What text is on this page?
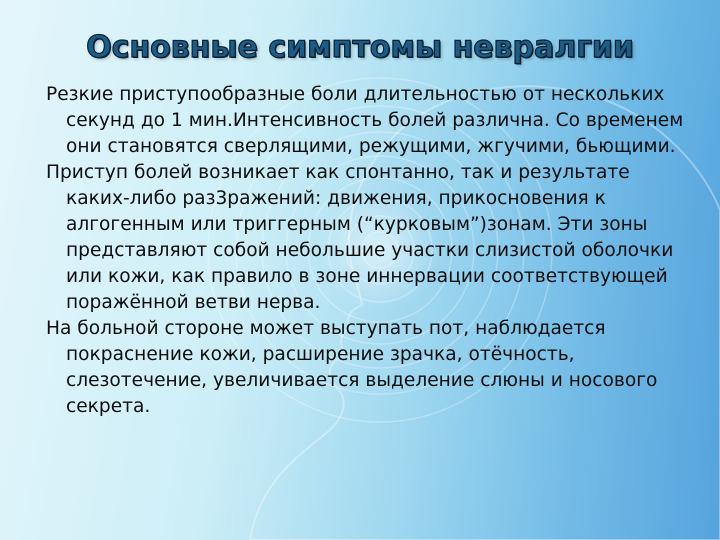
Основные симптомы невралгии

Резкие приступообразные боли длительностью от нескольких секунд до 1 мин.Интенсивность болей различна. Со временем они становятся сверлящими, режущими, жгучими, бьющими.

Приступ болей возникает как спонтанно, так и результате каких-либо раз3ражений: движения, прикосновения к алгогенным или триггерным (“курковым”)зонам. Эти зоны представляют собой небольшие участки слизистой оболочки или кожи, как правило в зоне иннервации соответствующей поражённой ветви нерва.

На больной стороне может выступать пот, наблюдается покраснение кожи, расширение зрачка, отёчность, слезотечение, увеличивается выделение слюны и носового секрета.
